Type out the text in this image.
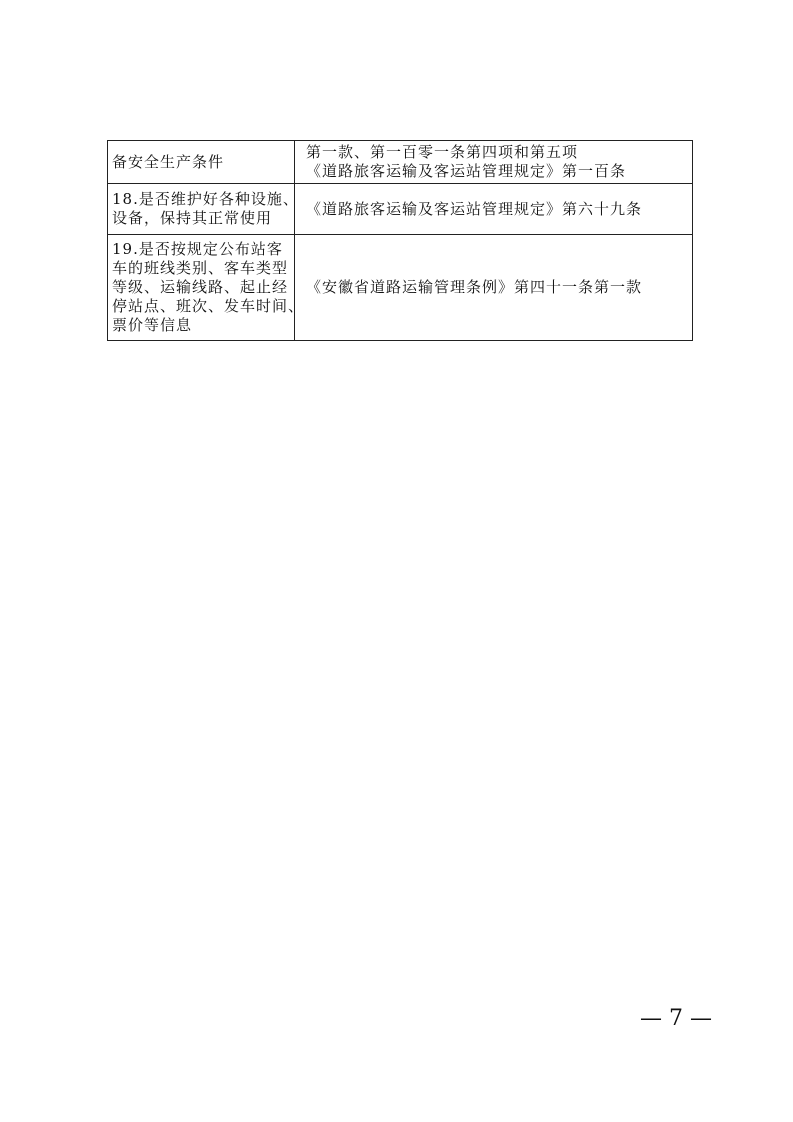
备安全生产条件	第一款、第一百零一条第四项和第五项
《道路旅客运输及客运站管理规定》第一百条

18.是否维护好各种设施、
设备，保持其正常使用	《道路旅客运输及客运站管理规定》第六十九条

19.是否按规定公布站客
车的班线类别、客车类型
等级、运输线路、起止经
停站点、班次、发车时间、
票价等信息	《安徽省道路运输管理条例》第四十一条第一款
— 7 —
